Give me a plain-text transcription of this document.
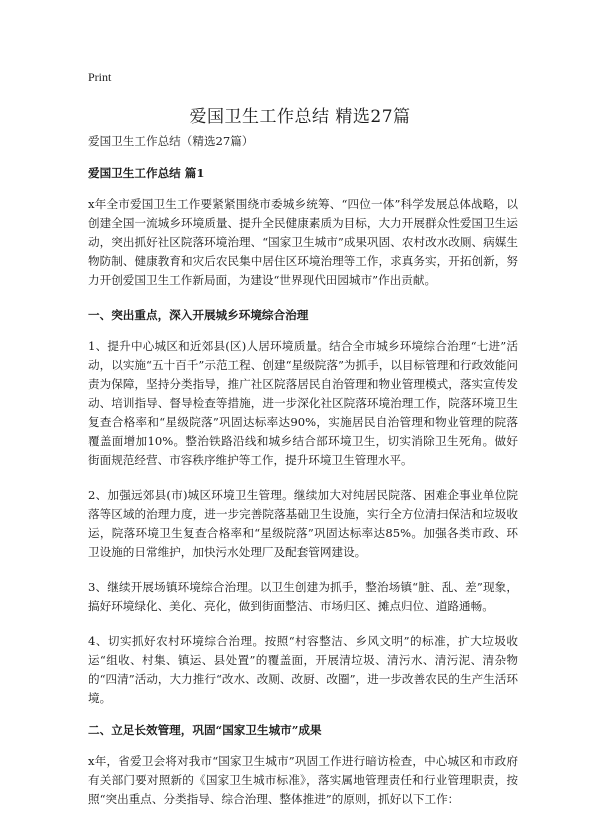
Print
爱国卫生工作总结 精选27篇

爱国卫生工作总结（精选27篇）

爱国卫生工作总结 篇1

x年全市爱国卫生工作要紧紧围绕市委城乡统筹、“四位一体”科学发展总体战略，以创建全国一流城乡环境质量、提升全民健康素质为目标，大力开展群众性爱国卫生运动，突出抓好社区院落环境治理、“国家卫生城市”成果巩固、农村改水改厕、病媒生物防制、健康教育和灾后农民集中居住区环境治理等工作，求真务实，开拓创新，努力开创爱国卫生工作新局面，为建设“世界现代田园城市”作出贡献。

一、突出重点，深入开展城乡环境综合治理

1、提升中心城区和近郊县(区)人居环境质量。结合全市城乡环境综合治理“七进”活动，以实施“五十百千”示范工程、创建“星级院落”为抓手，以目标管理和行政效能问责为保障，坚持分类指导，推广社区院落居民自治管理和物业管理模式，落实宣传发动、培训指导、督导检查等措施，进一步深化社区院落环境治理工作，院落环境卫生复查合格率和“星级院落”巩固达标率达90%，实施居民自治管理和物业管理的院落覆盖面增加10%。整治铁路沿线和城乡结合部环境卫生，切实消除卫生死角。做好街面规范经营、市容秩序维护等工作，提升环境卫生管理水平。

2、加强远郊县(市)城区环境卫生管理。继续加大对纯居民院落、困难企事业单位院落等区域的治理力度，进一步完善院落基础卫生设施，实行全方位清扫保洁和垃圾收运，院落环境卫生复查合格率和“星级院落”巩固达标率达85%。加强各类市政、环卫设施的日常维护，加快污水处理厂及配套管网建设。

3、继续开展场镇环境综合治理。以卫生创建为抓手，整治场镇“脏、乱、差”现象，搞好环境绿化、美化、亮化，做到街面整洁、市场归区、摊点归位、道路通畅。

4、切实抓好农村环境综合治理。按照“村容整洁、乡风文明”的标准，扩大垃圾收运“组收、村集、镇运、县处置”的覆盖面，开展清垃圾、清污水、清污泥、清杂物的“四清”活动，大力推行“改水、改厕、改厨、改圈”，进一步改善农民的生产生活环境。

二、立足长效管理，巩固“国家卫生城市”成果

x年，省爱卫会将对我市“国家卫生城市”巩固工作进行暗访检查，中心城区和市政府有关部门要对照新的《国家卫生城市标准》，落实属地管理责任和行业管理职责，按照“突出重点、分类指导、综合治理、整体推进”的原则，抓好以下工作：
